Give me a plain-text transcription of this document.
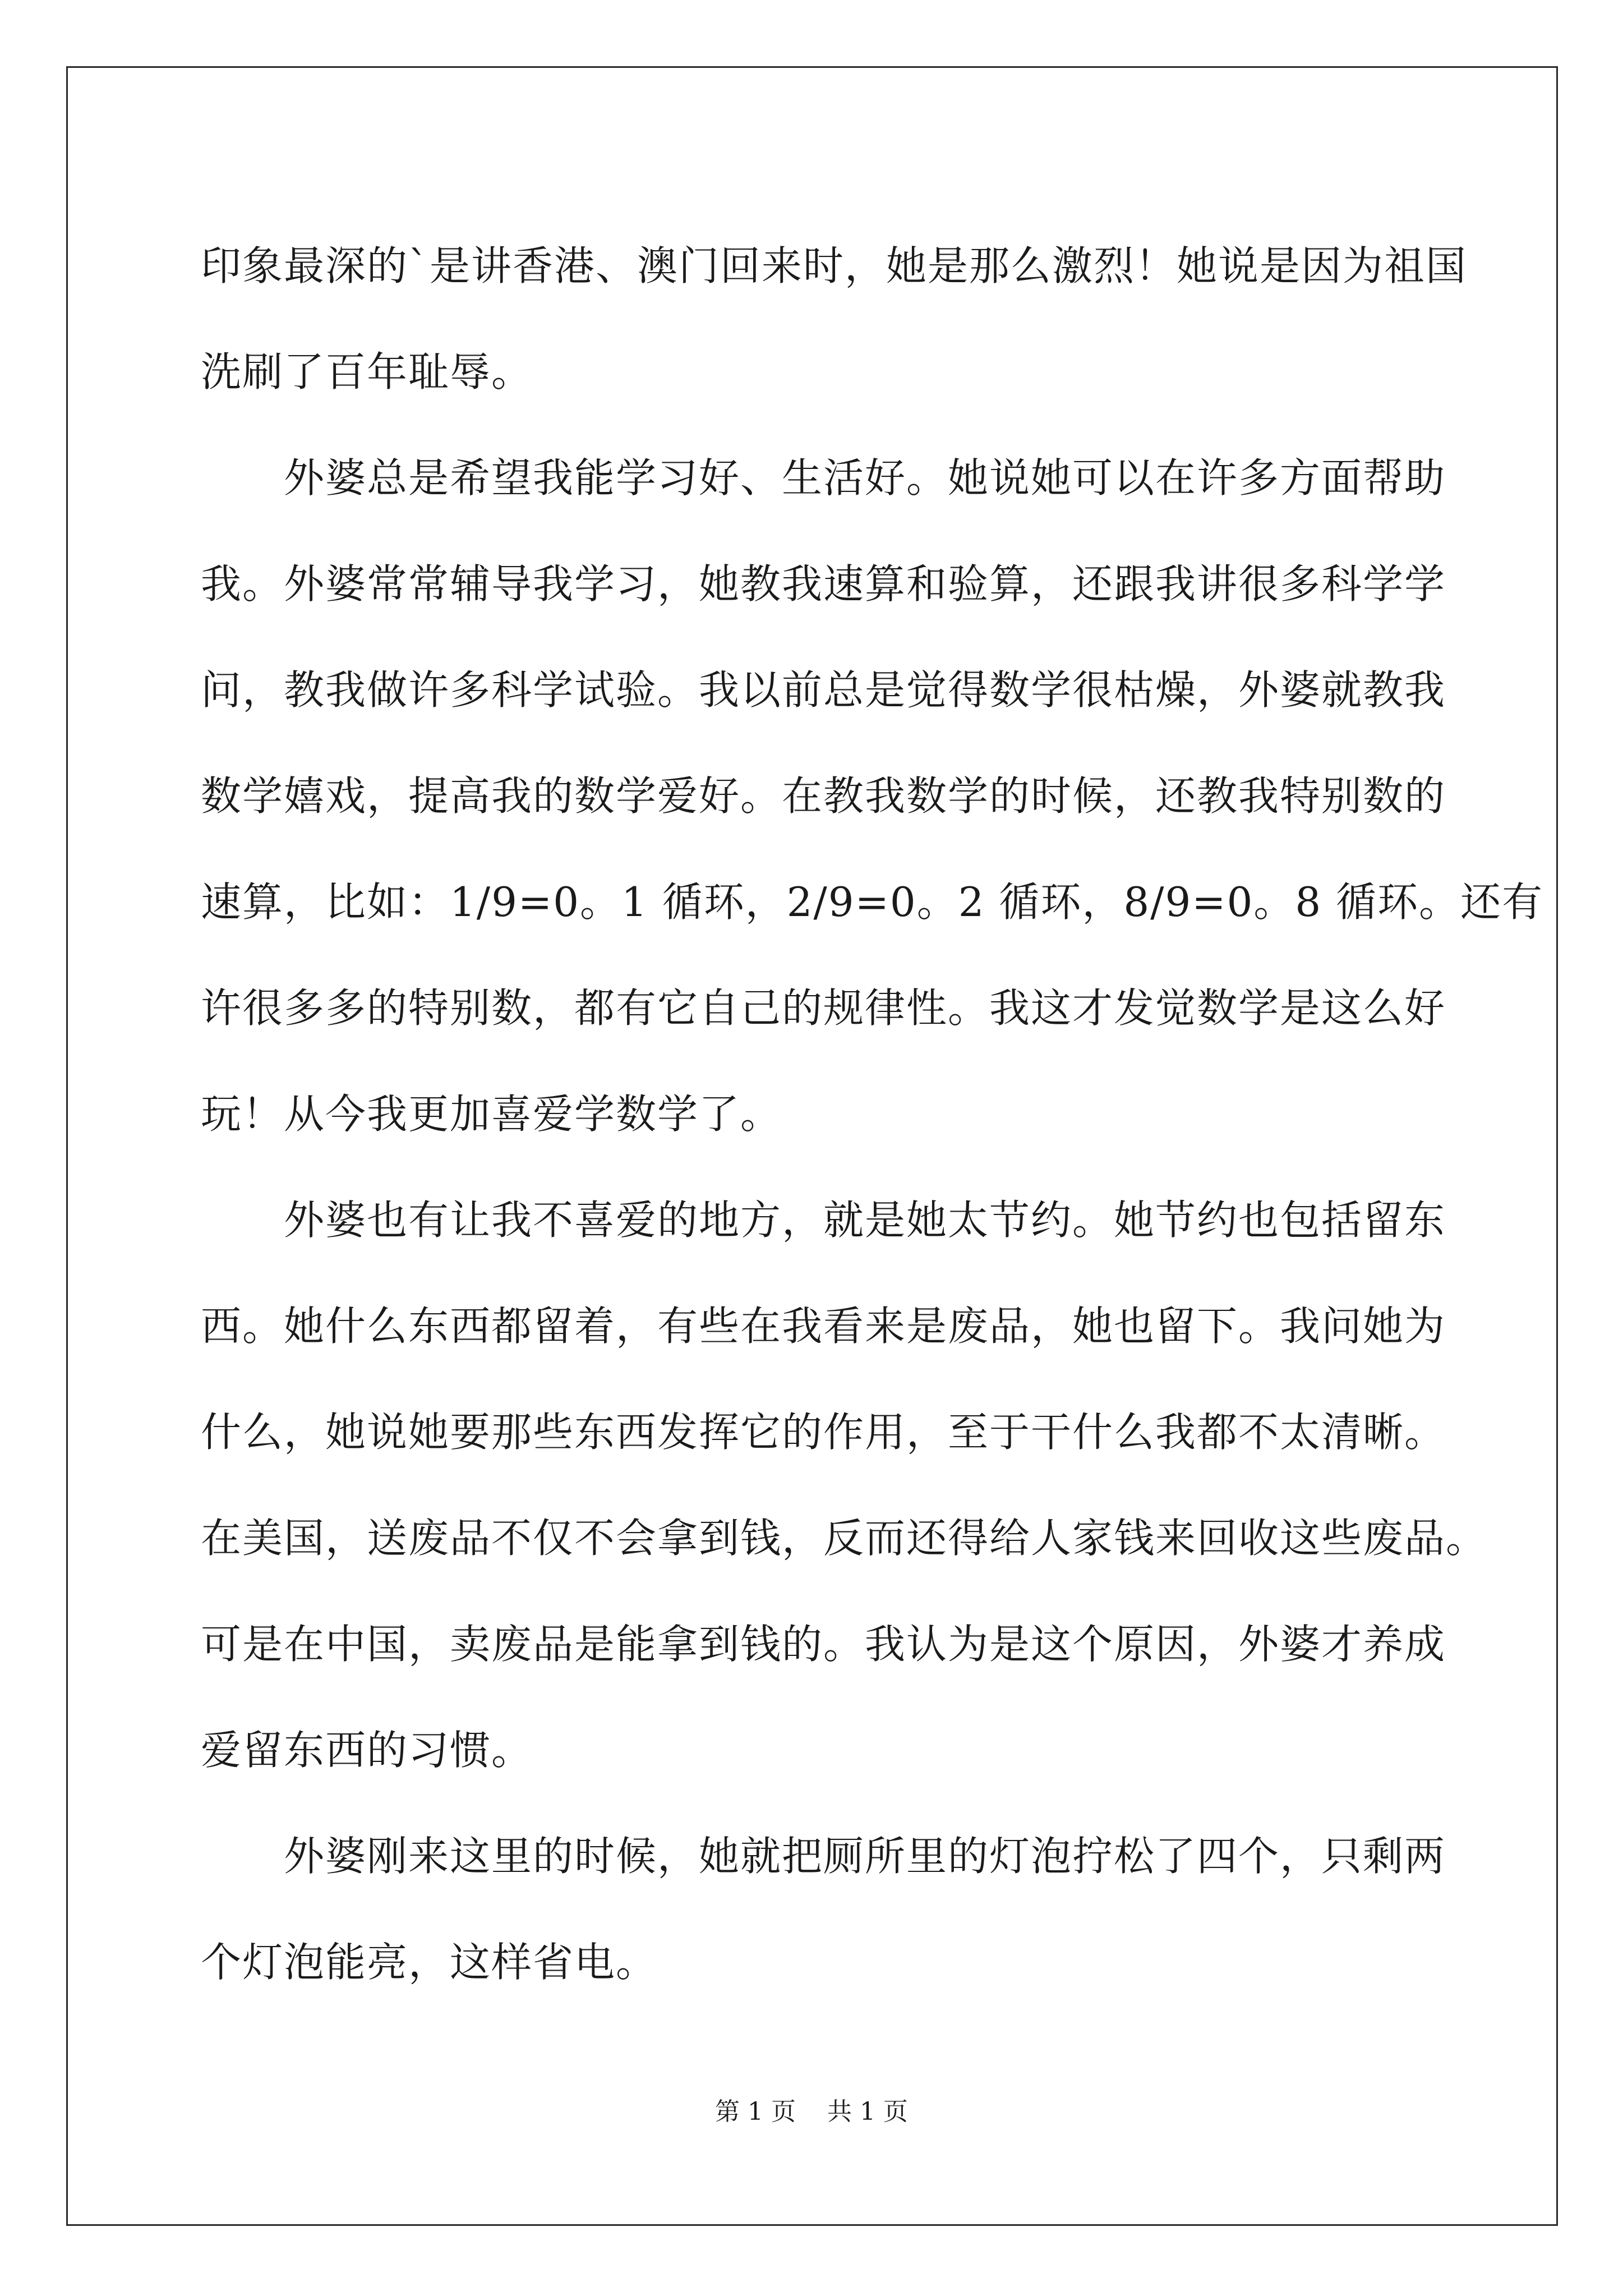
印象最深的`是讲香港、澳门回来时，她是那么激烈！她说是因为祖国
洗刷了百年耻辱。

外婆总是希望我能学习好、生活好。她说她可以在许多方面帮助
我。外婆常常辅导我学习，她教我速算和验算，还跟我讲很多科学学
问，教我做许多科学试验。我以前总是觉得数学很枯燥，外婆就教我
数学嬉戏，提高我的数学爱好。在教我数学的时候，还教我特别数的
速算，比如：1/9=0。1 循环，2/9=0。2 循环，8/9=0。8 循环。还有
许很多多的特别数，都有它自己的规律性。我这才发觉数学是这么好
玩！从今我更加喜爱学数学了。

外婆也有让我不喜爱的地方，就是她太节约。她节约也包括留东
西。她什么东西都留着，有些在我看来是废品，她也留下。我问她为
什么，她说她要那些东西发挥它的作用，至于干什么我都不太清晰。
在美国，送废品不仅不会拿到钱，反而还得给人家钱来回收这些废品。
可是在中国，卖废品是能拿到钱的。我认为是这个原因，外婆才养成
爱留东西的习惯。

外婆刚来这里的时候，她就把厕所里的灯泡拧松了四个，只剩两
个灯泡能亮，这样省电。

第 1 页    共 1 页
